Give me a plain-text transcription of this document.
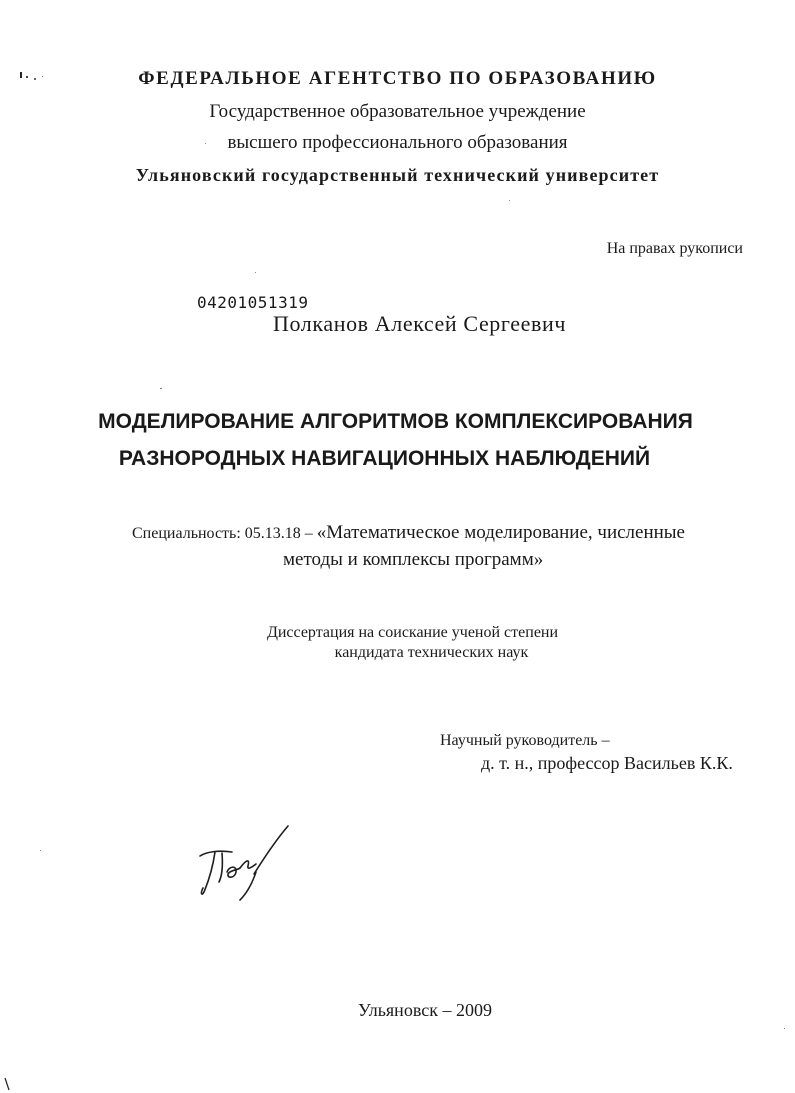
ФЕДЕРАЛЬНОЕ АГЕНТСТВО ПО ОБРАЗОВАНИЮ
Государственное образовательное учреждение
высшего профессионального образования
Ульяновский государственный технический университет
На правах рукописи
04201051319
Полканов Алексей Сергеевич
МОДЕЛИРОВАНИЕ АЛГОРИТМОВ КОМПЛЕКСИРОВАНИЯ
РАЗНОРОДНЫХ НАВИГАЦИОННЫХ НАБЛЮДЕНИЙ
Специальность: 05.13.18 – «Математическое моделирование, численные
методы и комплексы программ»
Диссертация на соискание ученой степени
кандидата технических наук
Научный руководитель –
д. т. н., профессор Васильев К.К.
Ульяновск – 2009
